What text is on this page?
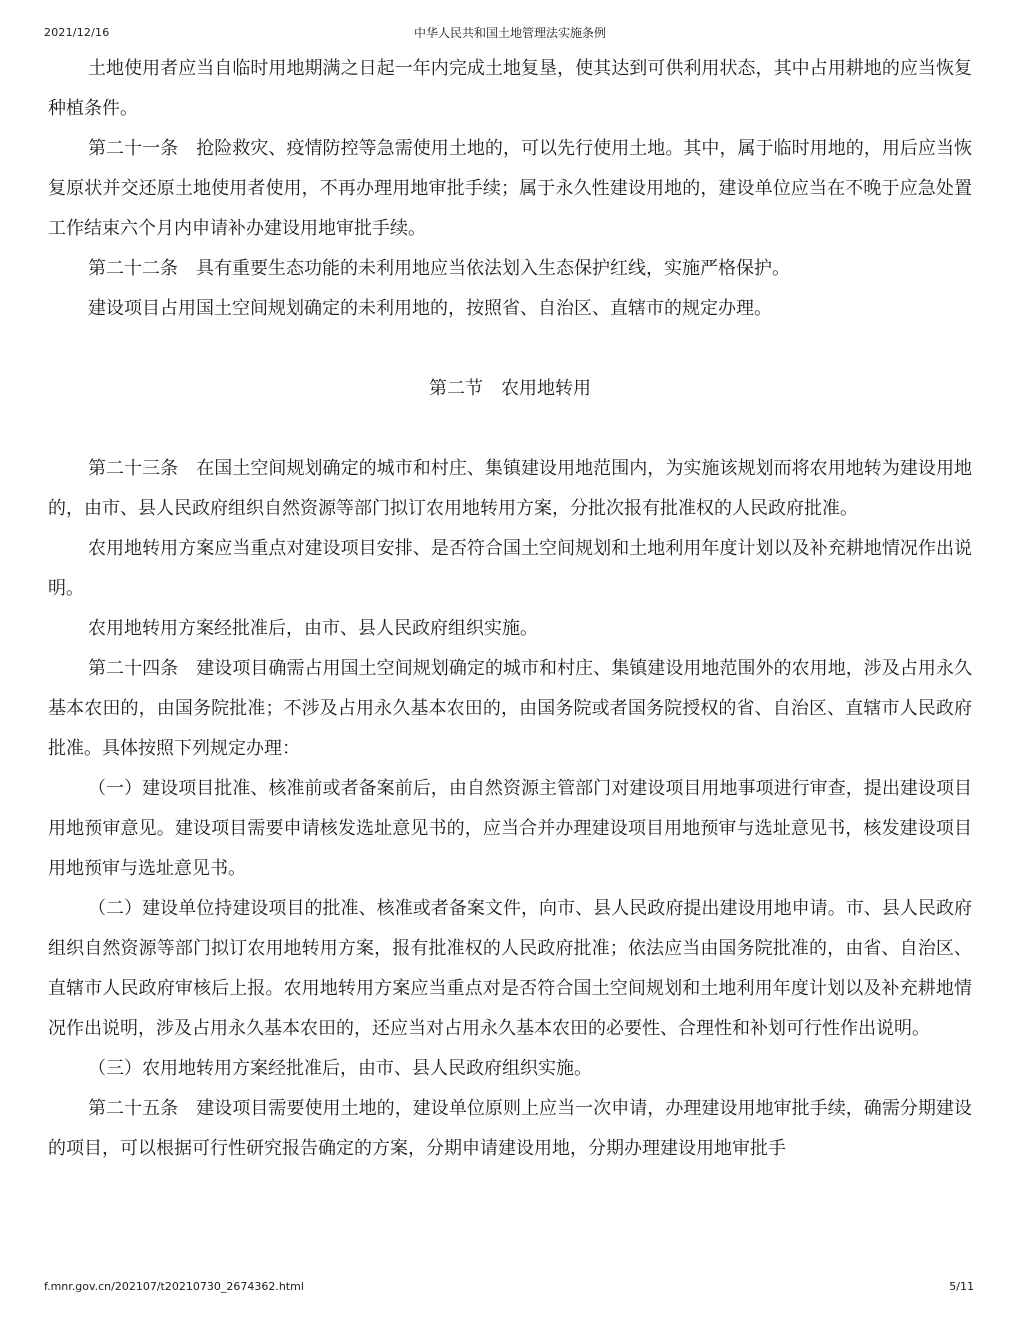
2021/12/16	中华人民共和国土地管理法实施条例

土地使用者应当自临时用地期满之日起一年内完成土地复垦，使其达到可供利用状态，其中占用耕地的应当恢复种植条件。

第二十一条　抢险救灾、疫情防控等急需使用土地的，可以先行使用土地。其中，属于临时用地的，用后应当恢复原状并交还原土地使用者使用，不再办理用地审批手续；属于永久性建设用地的，建设单位应当在不晚于应急处置工作结束六个月内申请补办建设用地审批手续。

第二十二条　具有重要生态功能的未利用地应当依法划入生态保护红线，实施严格保护。

建设项目占用国土空间规划确定的未利用地的，按照省、自治区、直辖市的规定办理。

第二节　农用地转用

第二十三条　在国土空间规划确定的城市和村庄、集镇建设用地范围内，为实施该规划而将农用地转为建设用地的，由市、县人民政府组织自然资源等部门拟订农用地转用方案，分批次报有批准权的人民政府批准。

农用地转用方案应当重点对建设项目安排、是否符合国土空间规划和土地利用年度计划以及补充耕地情况作出说明。

农用地转用方案经批准后，由市、县人民政府组织实施。

第二十四条　建设项目确需占用国土空间规划确定的城市和村庄、集镇建设用地范围外的农用地，涉及占用永久基本农田的，由国务院批准；不涉及占用永久基本农田的，由国务院或者国务院授权的省、自治区、直辖市人民政府批准。具体按照下列规定办理：

（一）建设项目批准、核准前或者备案前后，由自然资源主管部门对建设项目用地事项进行审查，提出建设项目用地预审意见。建设项目需要申请核发选址意见书的，应当合并办理建设项目用地预审与选址意见书，核发建设项目用地预审与选址意见书。

（二）建设单位持建设项目的批准、核准或者备案文件，向市、县人民政府提出建设用地申请。市、县人民政府组织自然资源等部门拟订农用地转用方案，报有批准权的人民政府批准；依法应当由国务院批准的，由省、自治区、直辖市人民政府审核后上报。农用地转用方案应当重点对是否符合国土空间规划和土地利用年度计划以及补充耕地情况作出说明，涉及占用永久基本农田的，还应当对占用永久基本农田的必要性、合理性和补划可行性作出说明。

（三）农用地转用方案经批准后，由市、县人民政府组织实施。

第二十五条　建设项目需要使用土地的，建设单位原则上应当一次申请，办理建设用地审批手续，确需分期建设的项目，可以根据可行性研究报告确定的方案，分期申请建设用地，分期办理建设用地审批手

f.mnr.gov.cn/202107/t20210730_2674362.html	5/11
